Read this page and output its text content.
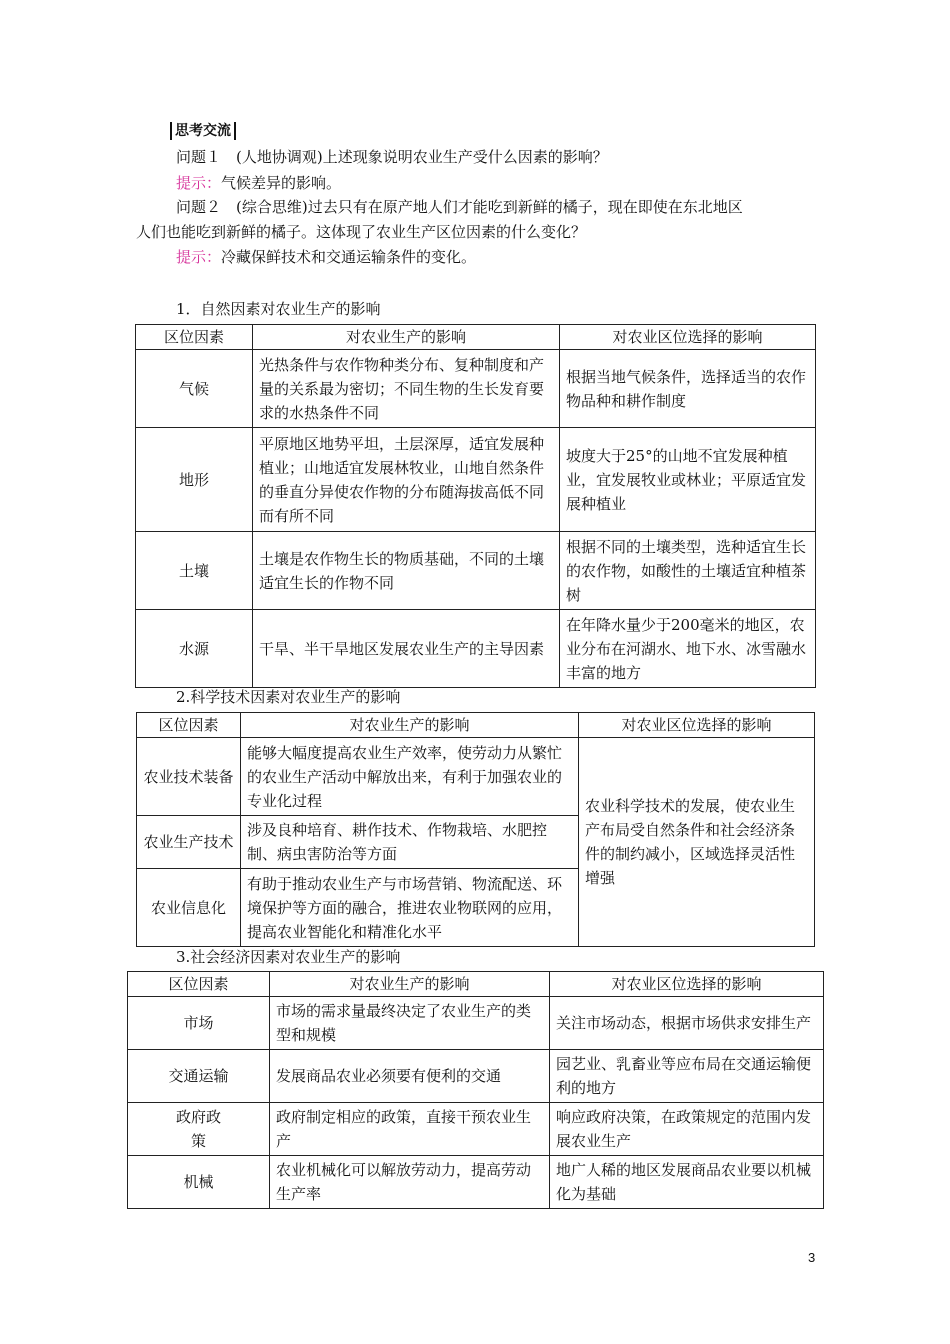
思考交流
问题１　(人地协调观)上述现象说明农业生产受什么因素的影响？
提示：气候差异的影响。
问题２　(综合思维)过去只有在原产地人们才能吃到新鲜的橘子，现在即使在东北地区
人们也能吃到新鲜的橘子。这体现了农业生产区位因素的什么变化？
提示：冷藏保鲜技术和交通运输条件的变化。
1．自然因素对农业生产的影响
区位因素	对农业生产的影响	对农业区位选择的影响
气候	光热条件与农作物种类分布、复种制度和产量的关系最为密切；不同生物的生长发育要求的水热条件不同	根据当地气候条件，选择适当的农作物品种和耕作制度
地形	平原地区地势平坦，土层深厚，适宜发展种植业；山地适宜发展林牧业，山地自然条件的垂直分异使农作物的分布随海拔高低不同而有所不同	坡度大于25°的山地不宜发展种植业，宜发展牧业或林业；平原适宜发展种植业
土壤	土壤是农作物生长的物质基础，不同的土壤适宜生长的作物不同	根据不同的土壤类型，选种适宜生长的农作物，如酸性的土壤适宜种植茶树
水源	干旱、半干旱地区发展农业生产的主导因素	在年降水量少于200毫米的地区，农业分布在河湖水、地下水、冰雪融水丰富的地方
2.科学技术因素对农业生产的影响
区位因素	对农业生产的影响	对农业区位选择的影响
农业技术装备	能够大幅度提高农业生产效率，使劳动力从繁忙的农业生产活动中解放出来，有利于加强农业的专业化过程	农业科学技术的发展，使农业生产布局受自然条件和社会经济条件的制约减小，区域选择灵活性增强
农业生产技术	涉及良种培育、耕作技术、作物栽培、水肥控制、病虫害防治等方面	
农业信息化	有助于推动农业生产与市场营销、物流配送、环境保护等方面的融合，推进农业物联网的应用，提高农业智能化和精准化水平	
3.社会经济因素对农业生产的影响
区位因素	对农业生产的影响	对农业区位选择的影响
市场	市场的需求量最终决定了农业生产的类型和规模	关注市场动态，根据市场供求安排生产
交通运输	发展商品农业必须要有便利的交通	园艺业、乳畜业等应布局在交通运输便利的地方
政府政策	政府制定相应的政策，直接干预农业生产	响应政府决策，在政策规定的范围内发展农业生产
机械	农业机械化可以解放劳动力，提高劳动生产率	地广人稀的地区发展商品农业要以机械化为基础
3
